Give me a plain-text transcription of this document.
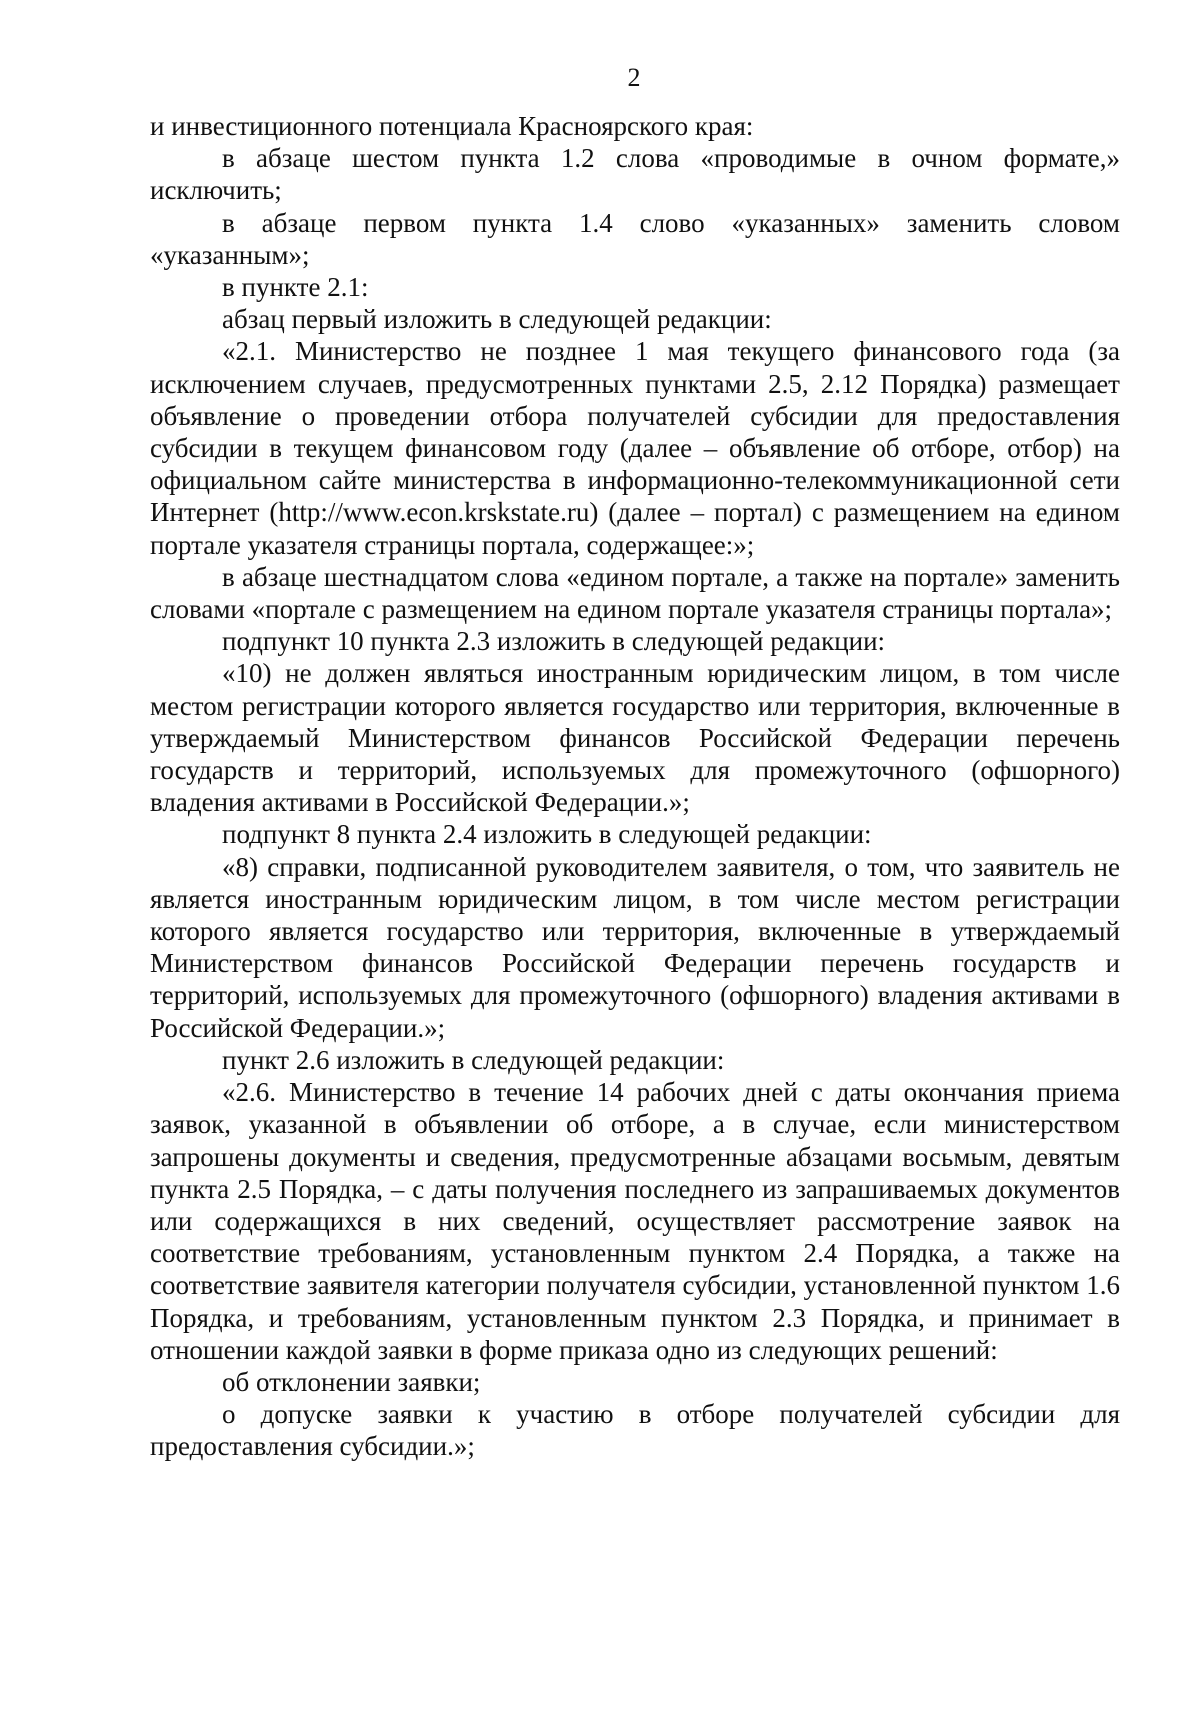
2

и инвестиционного потенциала Красноярского края:

в абзаце шестом пункта 1.2 слова «проводимые в очном формате,» исключить;

в абзаце первом пункта 1.4 слово «указанных» заменить словом «указанным»;

в пункте 2.1:

абзац первый изложить в следующей редакции:

«2.1. Министерство не позднее 1 мая текущего финансового года (за исключением случаев, предусмотренных пунктами 2.5, 2.12 Порядка) размещает объявление о проведении отбора получателей субсидии для предоставления субсидии в текущем финансовом году (далее – объявление об отборе, отбор) на официальном сайте министерства в информационно-телекоммуникационной сети Интернет (http://www.econ.krskstate.ru) (далее – портал) с размещением на едином портале указателя страницы портала, содержащее:»;

в абзаце шестнадцатом слова «едином портале, а также на портале» заменить словами «портале с размещением на едином портале указателя страницы портала»;

подпункт 10 пункта 2.3 изложить в следующей редакции:

«10) не должен являться иностранным юридическим лицом, в том числе местом регистрации которого является государство или территория, включенные в утверждаемый Министерством финансов Российской Федерации перечень государств и территорий, используемых для промежуточного (офшорного) владения активами в Российской Федерации.»;

подпункт 8 пункта 2.4 изложить в следующей редакции:

«8) справки, подписанной руководителем заявителя, о том, что заявитель не является иностранным юридическим лицом, в том числе местом регистрации которого является государство или территория, включенные в утверждаемый Министерством финансов Российской Федерации перечень государств и территорий, используемых для промежуточного (офшорного) владения активами в Российской Федерации.»;

пункт 2.6 изложить в следующей редакции:

«2.6. Министерство в течение 14 рабочих дней с даты окончания приема заявок, указанной в объявлении об отборе, а в случае, если министерством запрошены документы и сведения, предусмотренные абзацами восьмым, девятым пункта 2.5 Порядка, – с даты получения последнего из запрашиваемых документов или содержащихся в них сведений, осуществляет рассмотрение заявок на соответствие требованиям, установленным пунктом 2.4 Порядка, а также на соответствие заявителя категории получателя субсидии, установленной пунктом 1.6 Порядка, и требованиям, установленным пунктом 2.3 Порядка, и принимает в отношении каждой заявки в форме приказа одно из следующих решений:

об отклонении заявки;

о допуске заявки к участию в отборе получателей субсидии для предоставления субсидии.»;
